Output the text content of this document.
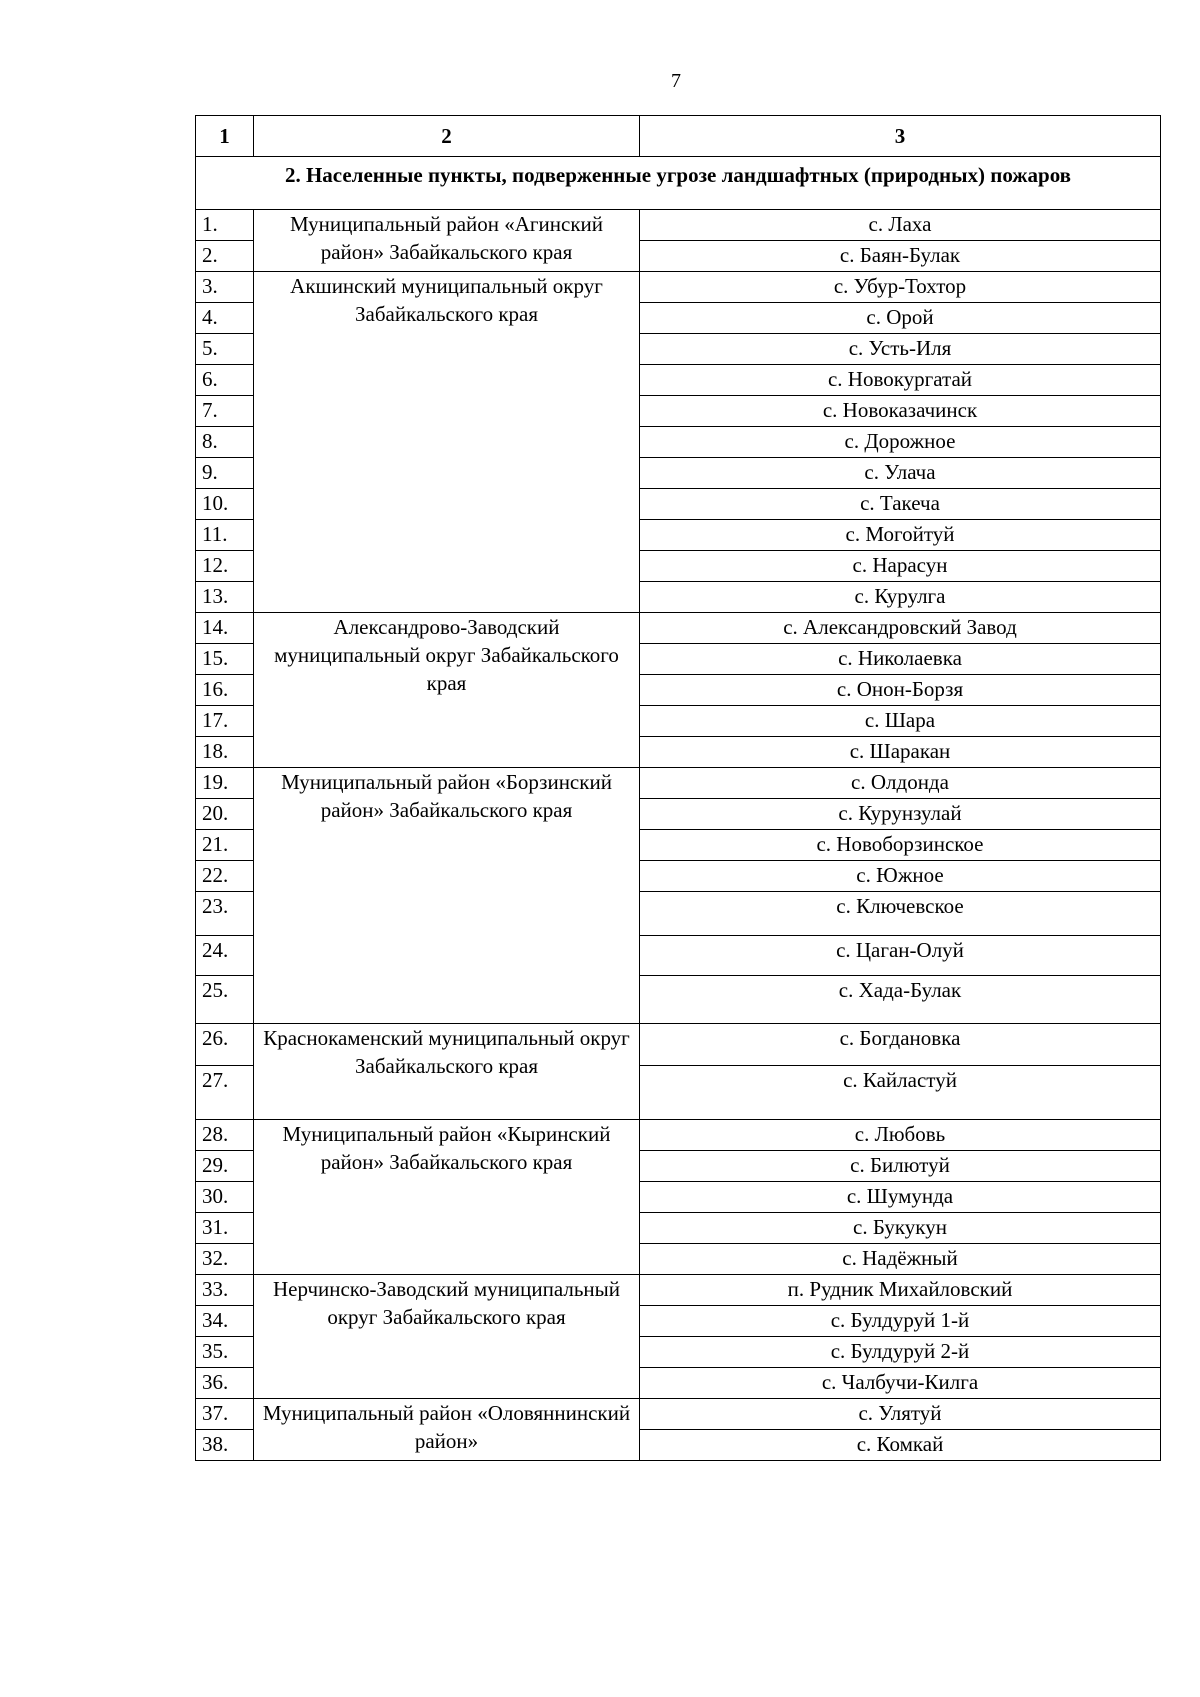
7
1	2	3
2. Населенные пункты, подверженные угрозе ландшафтных (природных) пожаров		
1.	Муниципальный район «Агинский район» Забайкальского края	с. Лаха
2.		с. Баян-Булак
3.	Акшинский муниципальный округ Забайкальского края	с. Убур-Тохтор
4.		с. Орой
5.		с. Усть-Иля
6.		с. Новокургатай
7.		с. Новоказачинск
8.		с. Дорожное
9.		с. Улача
10.		с. Такеча
11.		с. Могойтуй
12.		с. Нарасун
13.		с. Курулга
14.	Александрово-Заводский муниципальный округ Забайкальского края	с. Александровский Завод
15.		с. Николаевка
16.		с. Онон-Борзя
17.		с. Шара
18.		с. Шаракан
19.	Муниципальный район «Борзинский район» Забайкальского края	с. Олдонда
20.		с. Курунзулай
21.		с. Новоборзинское
22.		с. Южное
23.		с. Ключевское
24.		с. Цаган-Олуй
25.		с. Хада-Булак
26.	Краснокаменский муниципальный округ Забайкальского края	с. Богдановка
27.		с. Кайластуй
28.	Муниципальный район «Кыринский район» Забайкальского края	с. Любовь
29.		с. Билютуй
30.		с. Шумунда
31.		с. Букукун
32.		с. Надёжный
33.	Нерчинско-Заводский муниципальный округ Забайкальского края	п. Рудник Михайловский
34.		с. Булдуруй 1-й
35.		с. Булдуруй 2-й
36.		с. Чалбучи-Килга
37.	Муниципальный район «Оловяннинский район»	с. Улятуй
38.		с. Комкай
